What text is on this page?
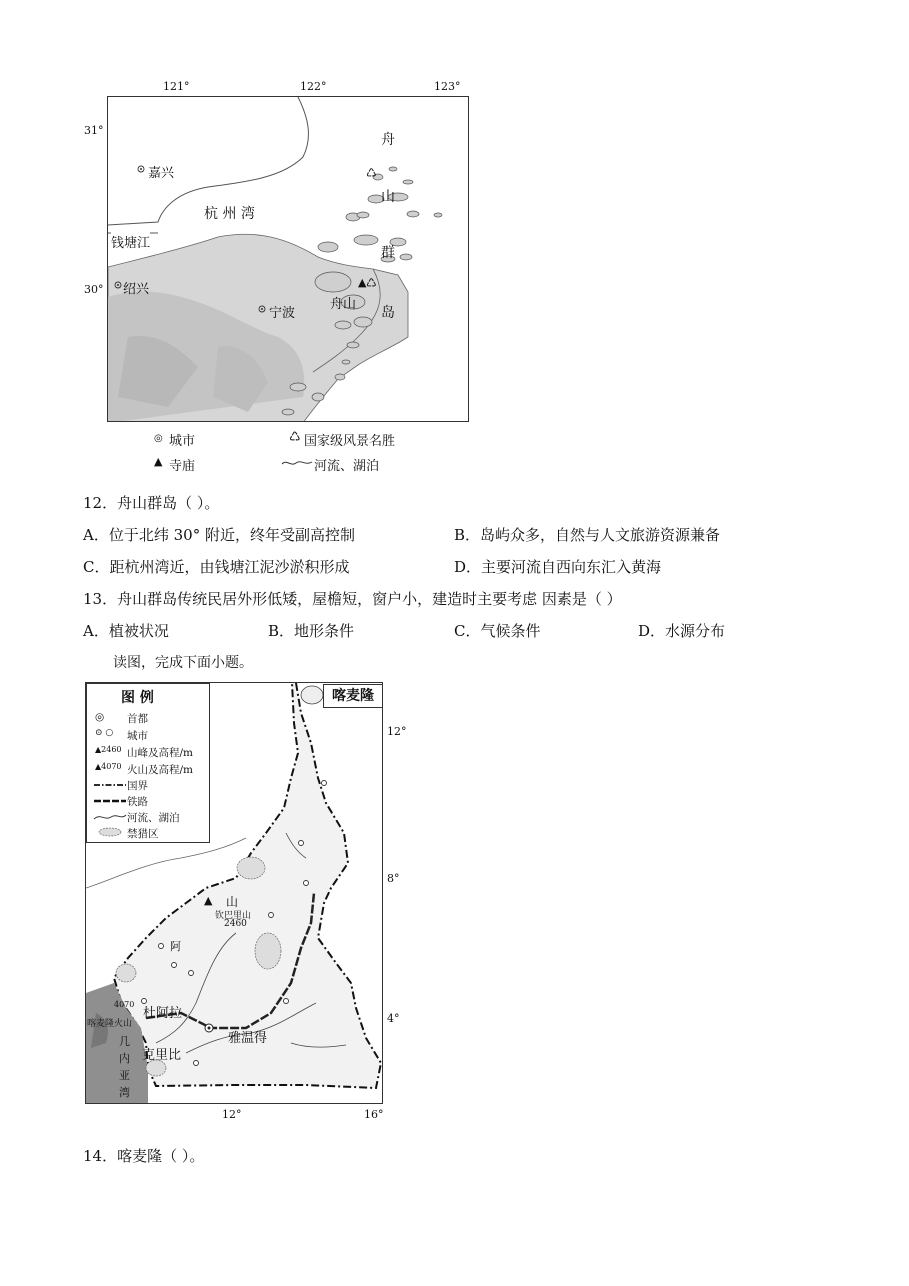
121°	122°	123°
31°
30°
嘉兴
杭 州 湾
钱塘江
绍兴
宁波
舟山
舟
山
群
岛
♺
▲ ♺
◎ 城市	♺ 国家级风景名胜
▲ 寺庙	河流、湖泊
12．舟山群岛（ ）。
A．位于北纬 30° 附近，终年受副高控制	B．岛屿众多，自然与人文旅游资源兼备
C．距杭州湾近，由钱塘江泥沙淤积形成	D．主要河流自西向东汇入黄海
13．舟山群岛传统民居外形低矮，屋檐短，窗户小，建造时主要考虑 因素是（ ）
A．植被状况	B．地形条件	C．气候条件	D．水源分布
读图，完成下面小题。
12°
8°
4°
12°	16°
喀麦隆
图 例
◎ 首都
⊙ ○ 城市
▲2460 山峰及高程/m
▲4070 火山及高程/m
国界
铁路
河流、湖泊
禁猎区
▲ 山
钦巴里山
2460
阿
4070
杜阿拉
喀麦隆火山
雅温得
克里比
几
内
亚
湾
14．喀麦隆（ ）。
